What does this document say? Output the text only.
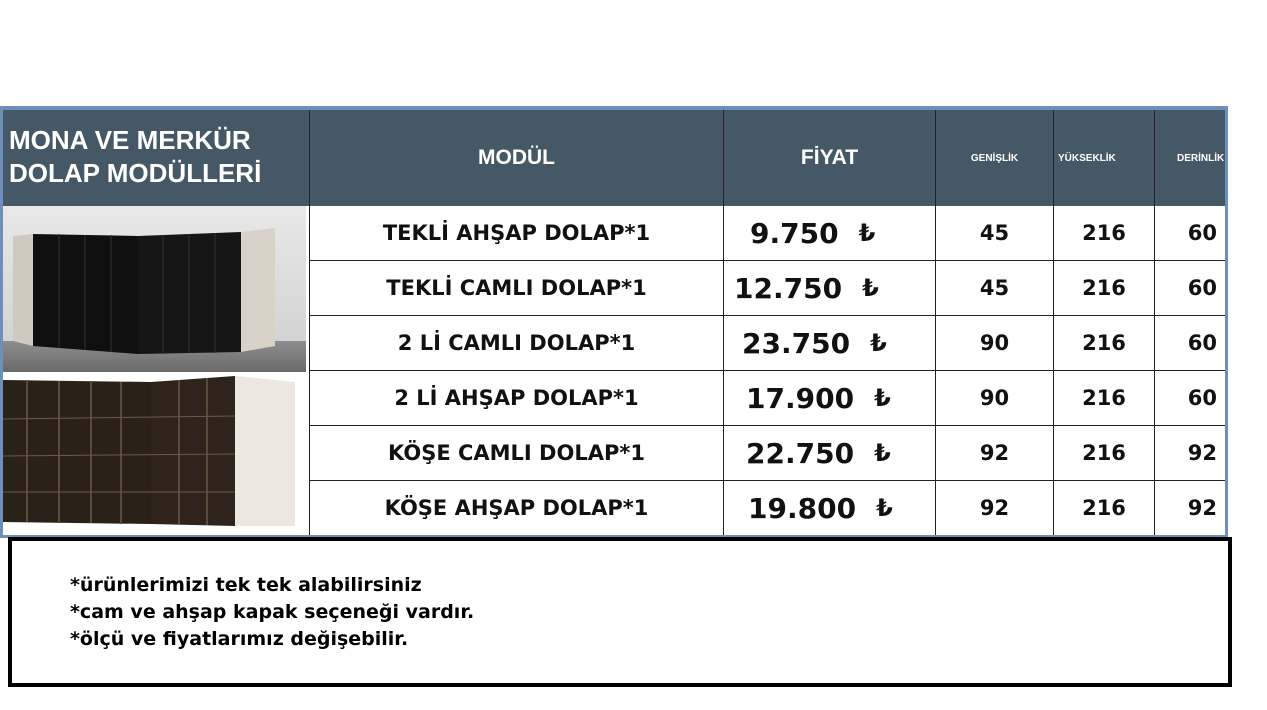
MONA VE MERKÜR
DOLAP MODÜLLERİ
MODÜL	FİYAT	GENİŞLİK	YÜKSEKLİK	DERİNLİK
TEKLİ AHŞAP DOLAP*1	9.750 ₺	45	216	60
TEKLİ CAMLI DOLAP*1	12.750 ₺	45	216	60
2 Lİ CAMLI DOLAP*1	23.750 ₺	90	216	60
2 Lİ AHŞAP DOLAP*1	17.900 ₺	90	216	60
KÖŞE CAMLI DOLAP*1	22.750 ₺	92	216	92
KÖŞE AHŞAP DOLAP*1	19.800 ₺	92	216	92

*ürünlerimizi tek tek alabilirsiniz

*cam ve ahşap kapak seçeneği vardır.

*ölçü ve fiyatlarımız değişebilir.
